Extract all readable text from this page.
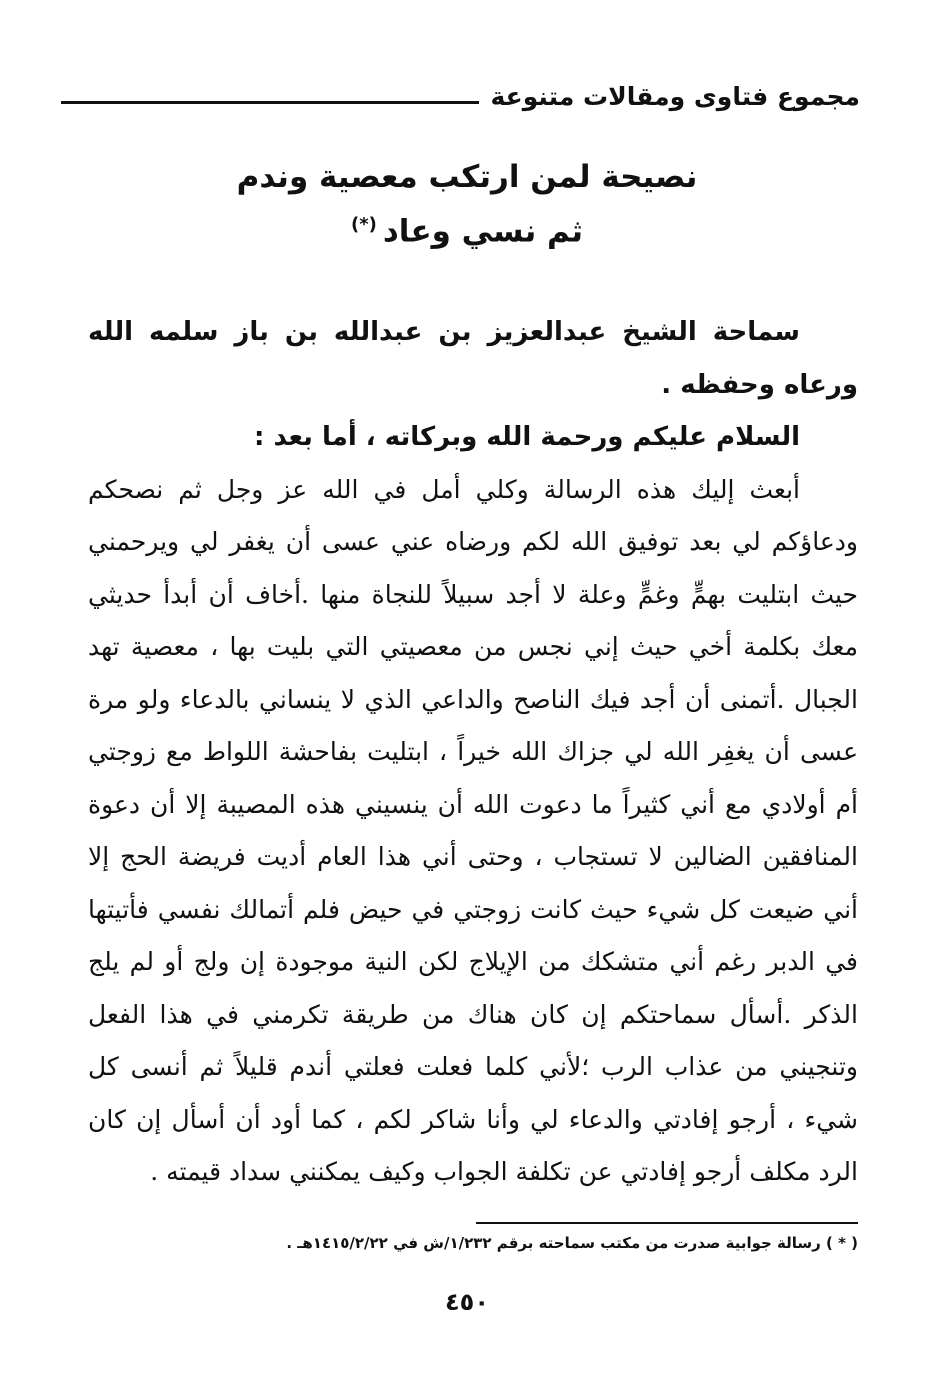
مجموع فتاوى ومقالات متنوعة
نصيحة لمن ارتكب معصية وندم
ثم نسي وعاد(*)

سماحة الشيخ عبدالعزيز بن عبدالله بن باز سلمه الله ورعاه وحفظه .

السلام عليكم ورحمة الله وبركاته ، أما بعد :

أبعث إليك هذه الرسالة وكلي أمل في الله عز وجل ثم نصحكم ودعاؤكم لي بعد توفيق الله لكم ورضاه عني عسى أن يغفر لي ويرحمني حيث ابتليت بهمٍّ وغمٍّ وعلة لا أجد سبيلاً للنجاة منها .أخاف أن أبدأ حديثي معك بكلمة أخي حيث إني نجس من معصيتي التي بليت بها ، معصية تهد الجبال .أتمنى أن أجد فيك الناصح والداعي الذي لا ينساني بالدعاء ولو مرة عسى أن يغفِر الله لي جزاك الله خيراً ، ابتليت بفاحشة اللواط مع زوجتي أم أولادي مع أني كثيراً ما دعوت الله أن ينسيني هذه المصيبة إلا أن دعوة المنافقين الضالين لا تستجاب ، وحتى أني هذا العام أديت فريضة الحج إلا أني ضيعت كل شيء حيث كانت زوجتي في حيض فلم أتمالك نفسي فأتيتها في الدبر رغم أني متشكك من الإيلاج لكن النية موجودة إن ولج أو لم يلج الذكر .أسأل سماحتكم إن كان هناك من طريقة تكرمني في هذا الفعل وتنجيني من عذاب الرب ؛لأني كلما فعلت فعلتي أندم قليلاً ثم أنسى كل شيء ، أرجو إفادتي والدعاء لي وأنا شاكر لكم ، كما أود أن أسأل إن كان الرد مكلف أرجو إفادتي عن تكلفة الجواب وكيف يمكنني سداد قيمته .

( * ) رسالة جوابية صدرت من مكتب سماحته برقم ١/٢٣٢/ش في ١٤١٥/٢/٢٢هـ .
٤٥٠
